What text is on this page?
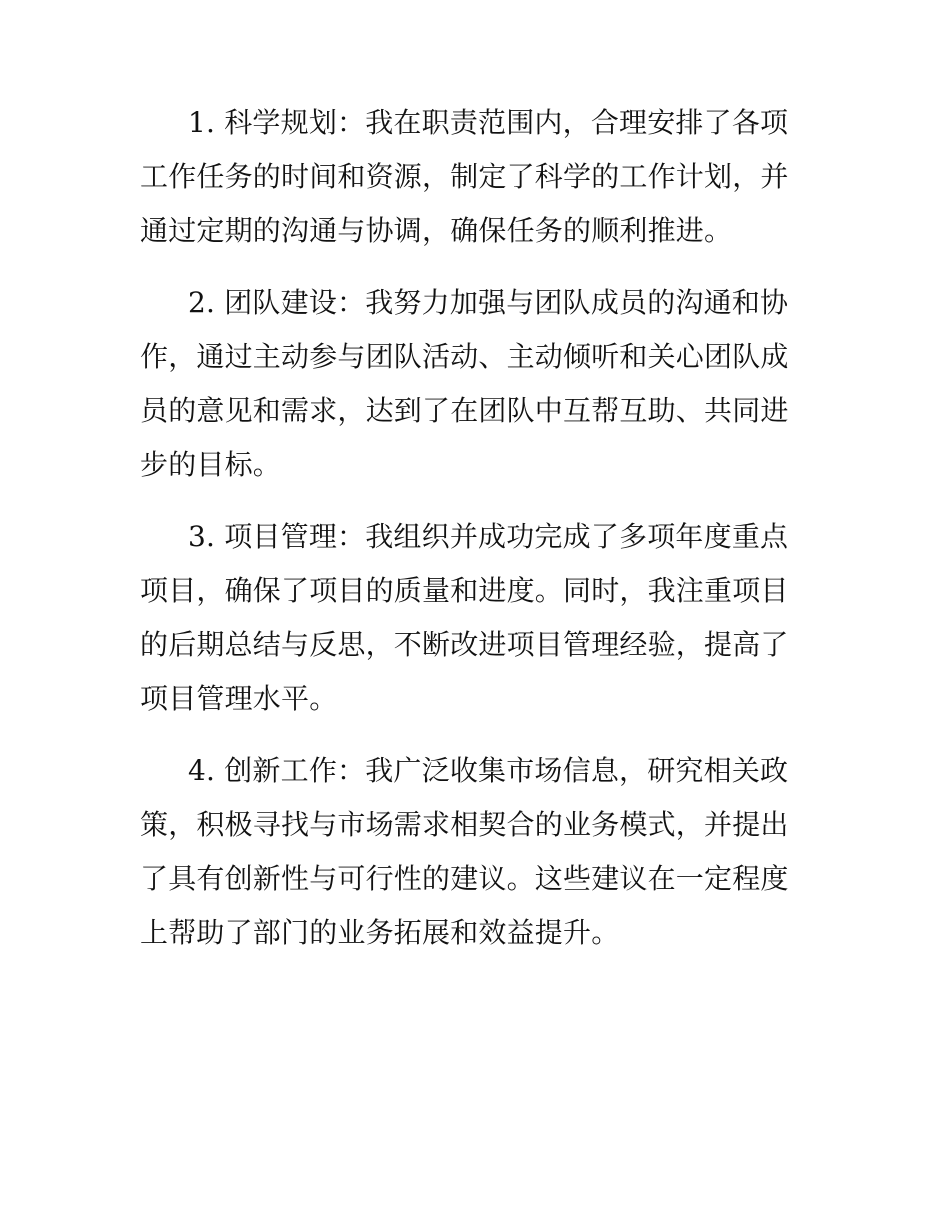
1. 科学规划：我在职责范围内，合理安排了各项工作任务的时间和资源，制定了科学的工作计划，并通过定期的沟通与协调，确保任务的顺利推进。

2. 团队建设：我努力加强与团队成员的沟通和协作，通过主动参与团队活动、主动倾听和关心团队成员的意见和需求，达到了在团队中互帮互助、共同进步的目标。

3. 项目管理：我组织并成功完成了多项年度重点项目，确保了项目的质量和进度。同时，我注重项目的后期总结与反思，不断改进项目管理经验，提高了项目管理水平。

4. 创新工作：我广泛收集市场信息，研究相关政策，积极寻找与市场需求相契合的业务模式，并提出了具有创新性与可行性的建议。这些建议在一定程度上帮助了部门的业务拓展和效益提升。
